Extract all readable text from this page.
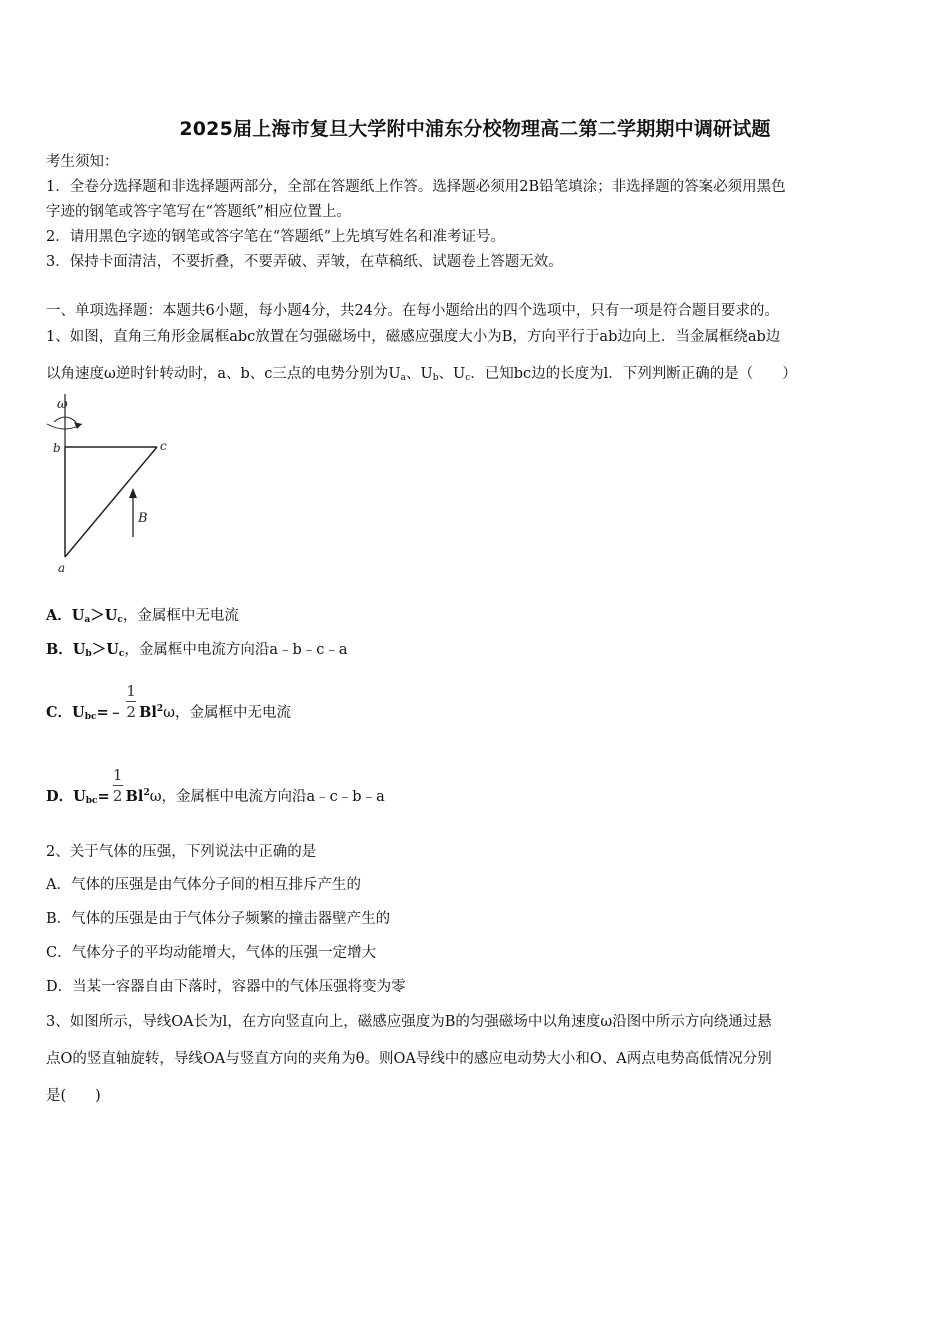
2025届上海市复旦大学附中浦东分校物理高二第二学期期中调研试题
考生须知：
1．全卷分选择题和非选择题两部分，全部在答题纸上作答。选择题必须用2B铅笔填涂；非选择题的答案必须用黑色
字迹的钢笔或答字笔写在“答题纸”相应位置上。
2．请用黑色字迹的钢笔或答字笔在“答题纸”上先填写姓名和准考证号。
3．保持卡面清洁，不要折叠，不要弄破、弄皱，在草稿纸、试题卷上答题无效。
一、单项选择题：本题共6小题，每小题4分，共24分。在每小题给出的四个选项中，只有一项是符合题目要求的。
1、如图，直角三角形金属框abc放置在匀强磁场中，磁感应强度大小为B，方向平行于ab边向上．当金属框绕ab边
以角速度ω逆时针转动时，a、b、c三点的电势分别为$U_a$、$U_b$、$U_c$．已知bc边的长度为l．下列判断正确的是（　　）
ω
b	c
a
B
A．$U_a>U_c$，金属框中无电流
B．$U_b>U_c$，金属框中电流方向沿a﹣b﹣c﹣a
C．$U_{bc}=﹣ \frac{1}{2} Bl^2\omega$，金属框中无电流
D．$U_{bc}= \frac{1}{2} Bl^2\omega$，金属框中电流方向沿a﹣c﹣b﹣a
2、关于气体的压强，下列说法中正确的是
A．气体的压强是由气体分子间的相互排斥产生的
B．气体的压强是由于气体分子频繁的撞击器壁产生的
C．气体分子的平均动能增大，气体的压强一定增大
D．当某一容器自由下落时，容器中的气体压强将变为零
3、如图所示，导线OA长为l，在方向竖直向上，磁感应强度为B的匀强磁场中以角速度ω沿图中所示方向绕通过悬
点O的竖直轴旋转，导线OA与竖直方向的夹角为θ。则OA导线中的感应电动势大小和O、A两点电势高低情况分别
是(　　)
